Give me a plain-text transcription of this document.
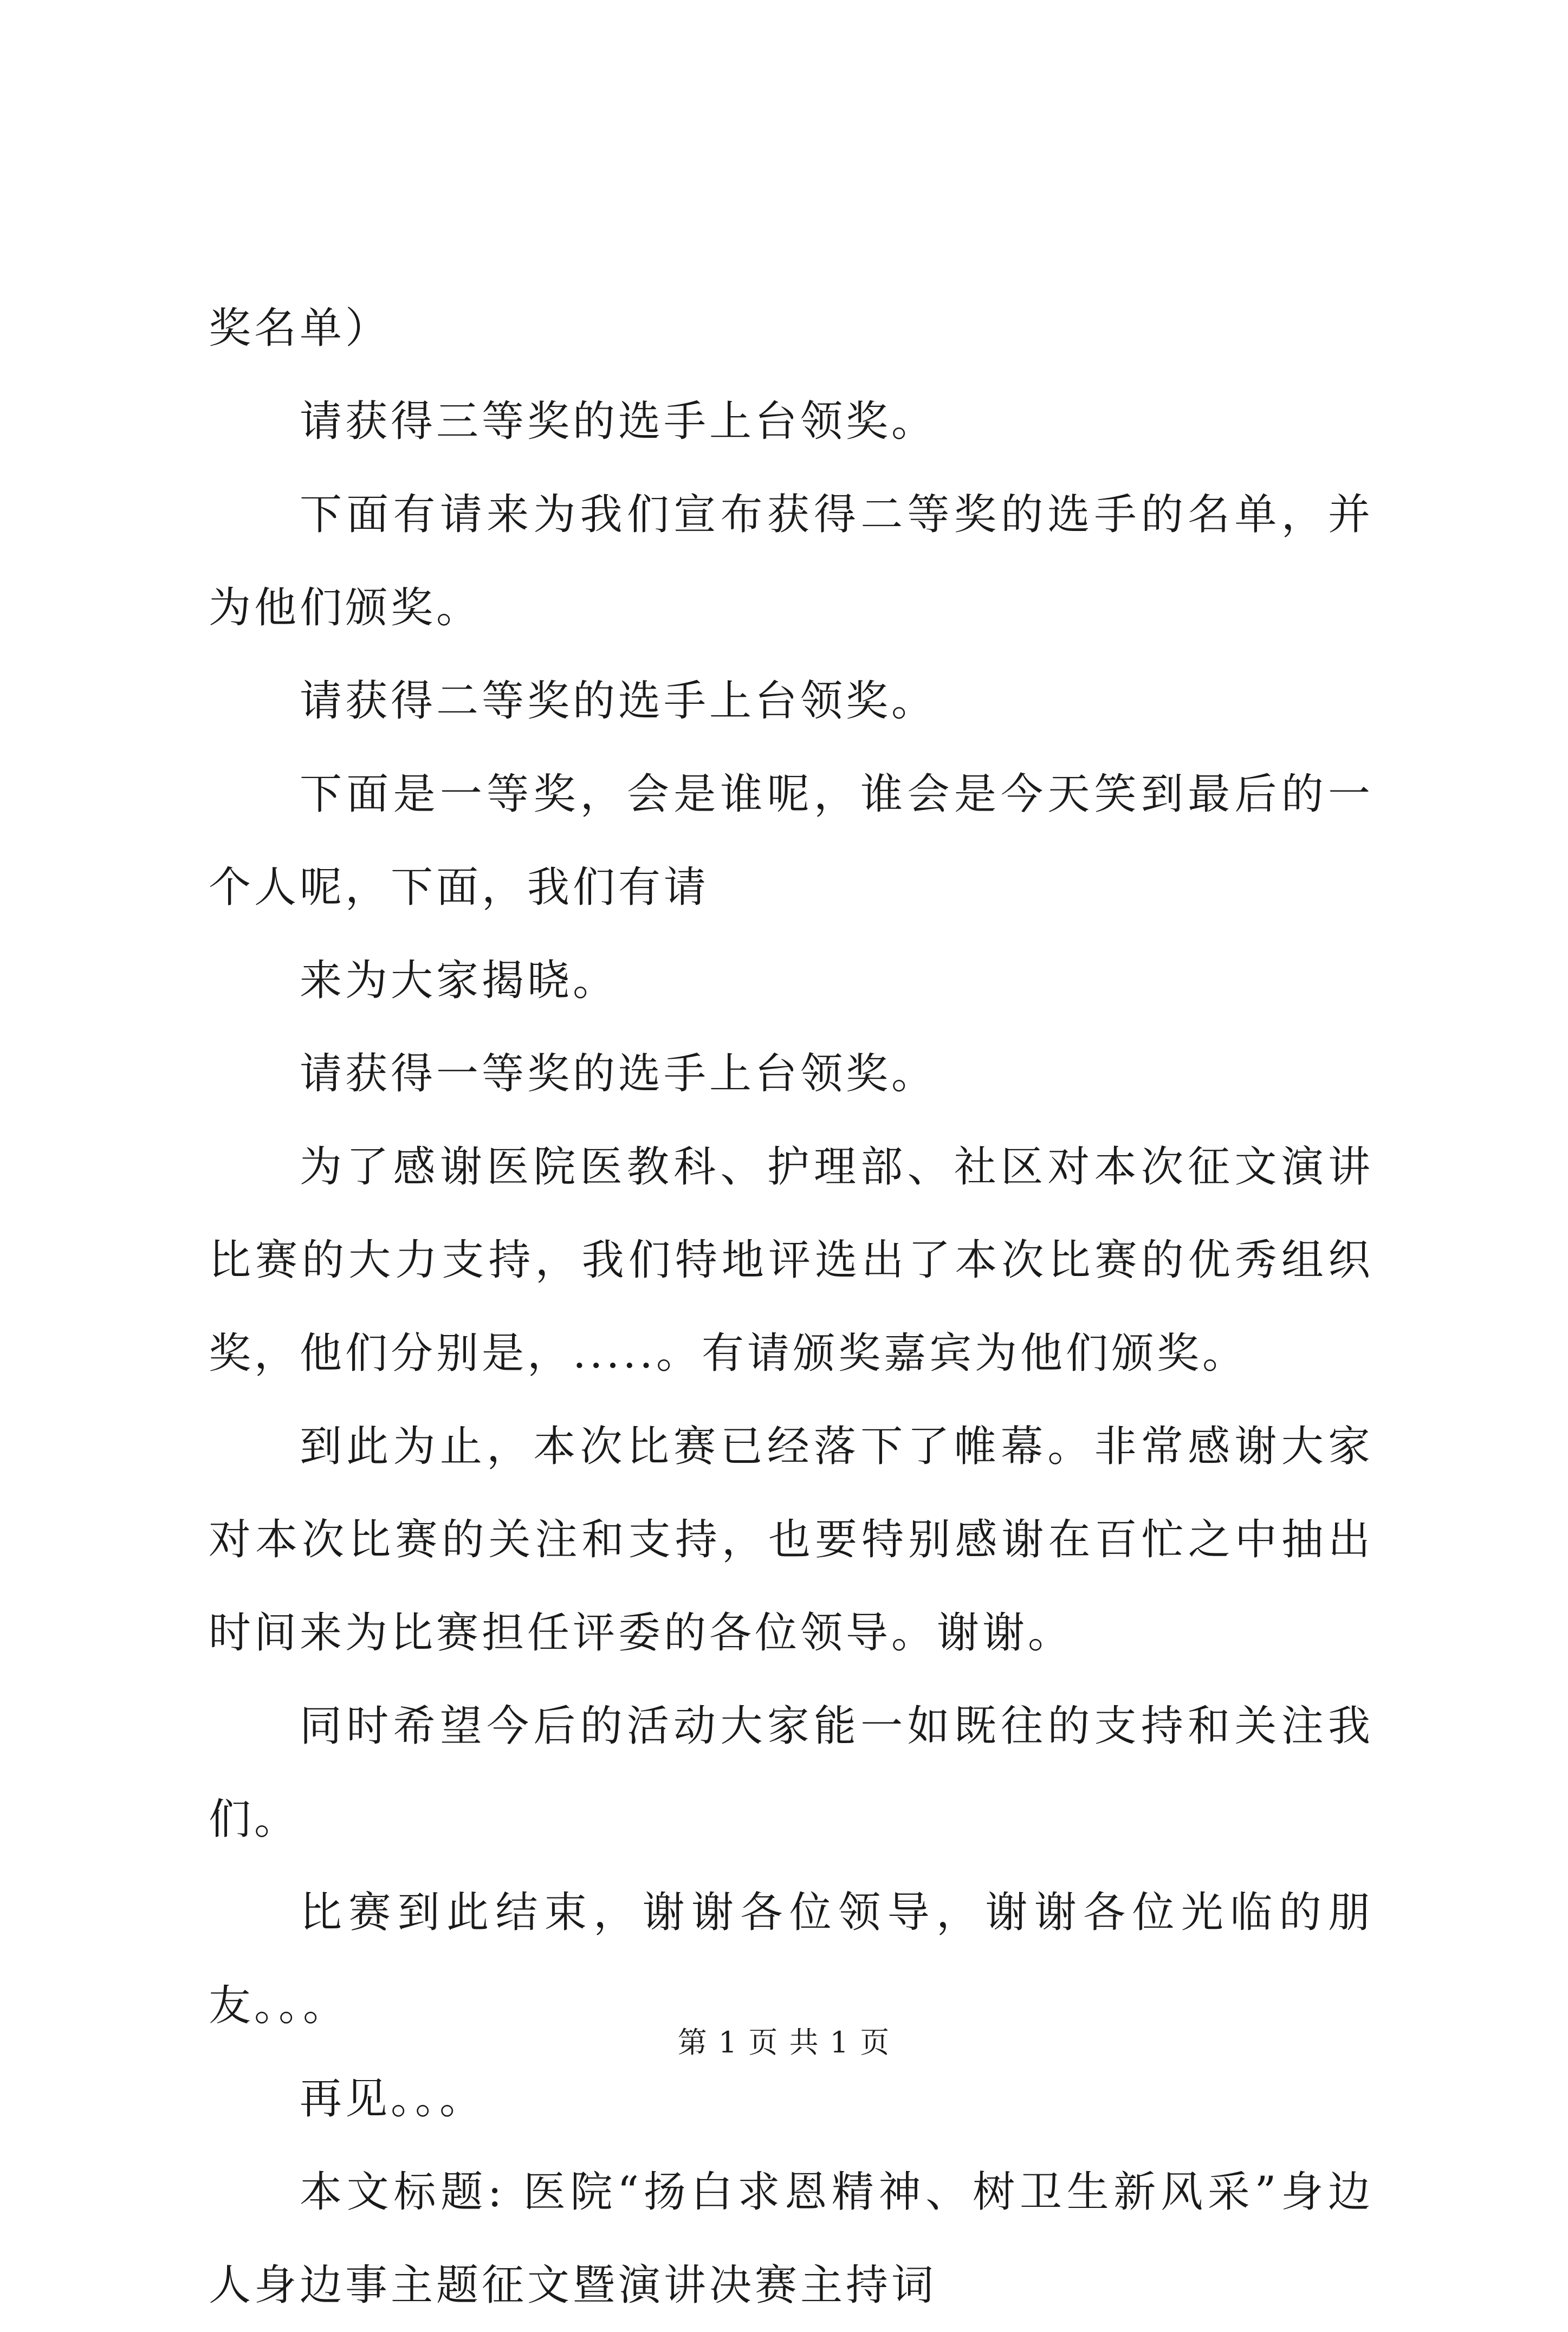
奖名单）

请获得三等奖的选手上台领奖。

下面有请来为我们宣布获得二等奖的选手的名单，并为他们颁奖。

请获得二等奖的选手上台领奖。

下面是一等奖，会是谁呢，谁会是今天笑到最后的一个人呢，下面，我们有请

来为大家揭晓。

请获得一等奖的选手上台领奖。

为了感谢医院医教科、护理部、社区对本次征文演讲比赛的大力支持，我们特地评选出了本次比赛的优秀组织奖，他们分别是，.....。有请颁奖嘉宾为他们颁奖。

到此为止，本次比赛已经落下了帷幕。非常感谢大家对本次比赛的关注和支持，也要特别感谢在百忙之中抽出时间来为比赛担任评委的各位领导。谢谢。

同时希望今后的活动大家能一如既往的支持和关注我们。

比赛到此结束，谢谢各位领导，谢谢各位光临的朋友。。。

再见。。。

本文标题: 医院“扬白求恩精神、树卫生新风采”身边人身边事主题征文暨演讲决赛主持词

第 1 页 共 1 页
